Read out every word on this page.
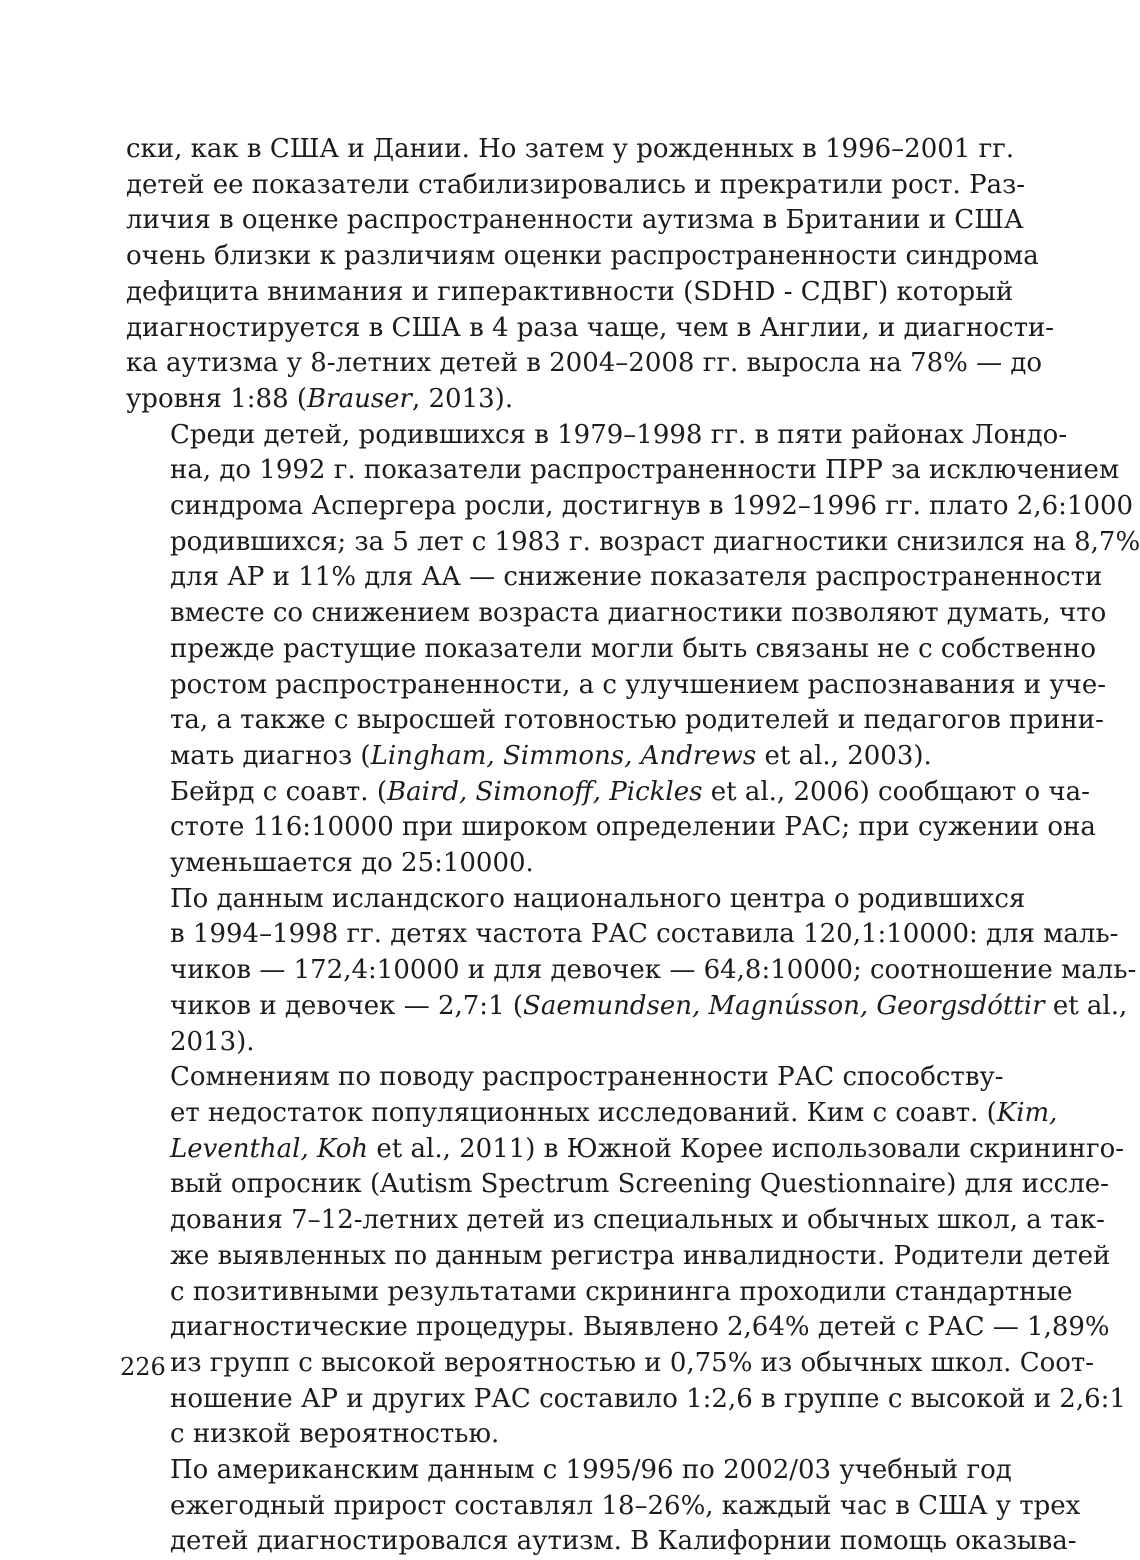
ски, как в США и Дании. Но затем у рожденных в 1996–2001 гг.
детей ее показатели стабилизировались и прекратили рост. Раз-
личия в оценке распространенности аутизма в Британии и США
очень близки к различиям оценки распространенности синдрома
дефицита внимания и гиперактивности (SDHD - СДВГ) который
диагностируется в США в 4 раза чаще, чем в Англии, и диагности-
ка аутизма у 8-летних детей в 2004–2008 гг. выросла на 78% — до
уровня 1:88 (Brauser, 2013).

Среди детей, родившихся в 1979–1998 гг. в пяти районах Лондо-
на, до 1992 г. показатели распространенности ПРР за исключением
синдрома Аспергера росли, достигнув в 1992–1996 гг. плато 2,6:1000
родившихся; за 5 лет с 1983 г. возраст диагностики снизился на 8,7%
для АР и 11% для АА — снижение показателя распространенности
вместе со снижением возраста диагностики позволяют думать, что
прежде растущие показатели могли быть связаны не с собственно
ростом распространенности, а с улучшением распознавания и уче-
та, а также с выросшей готовностью родителей и педагогов прини-
мать диагноз (Lingham, Simmons, Andrews et al., 2003).

Бейрд с соавт. (Baird, Simonoff, Pickles et al., 2006) сообщают о ча-
стоте 116:10000 при широком определении РАС; при сужении она
уменьшается до 25:10000.

По данным исландского национального центра о родившихся
в 1994–1998 гг. детях частота РАС составила 120,1:10000: для маль-
чиков — 172,4:10000 и для девочек — 64,8:10000; соотношение маль-
чиков и девочек — 2,7:1 (Saemundsen, Magnússon, Georgsdóttir et al.,
2013).

Сомнениям по поводу распространенности РАС способству-
ет недостаток популяционных исследований. Ким с соавт. (Kim,
Leventhal, Koh et al., 2011) в Южной Корее использовали скрининго-
вый опросник (Autism Spectrum Screening Questionnaire) для иссле-
дования 7–12-летних детей из специальных и обычных школ, а так-
же выявленных по данным регистра инвалидности. Родители детей
с позитивными результатами скрининга проходили стандартные
диагностические процедуры. Выявлено 2,64% детей с РАС — 1,89%
из групп с высокой вероятностью и 0,75% из обычных школ. Соот-
ношение АР и других РАС составило 1:2,6 в группе с высокой и 2,6:1
с низкой вероятностью.

По американским данным с 1995/96 по 2002/03 учебный год
ежегодный прирост составлял 18–26%, каждый час в США у трех
детей диагностировался аутизм. В Калифорнии помощь оказыва-

226
